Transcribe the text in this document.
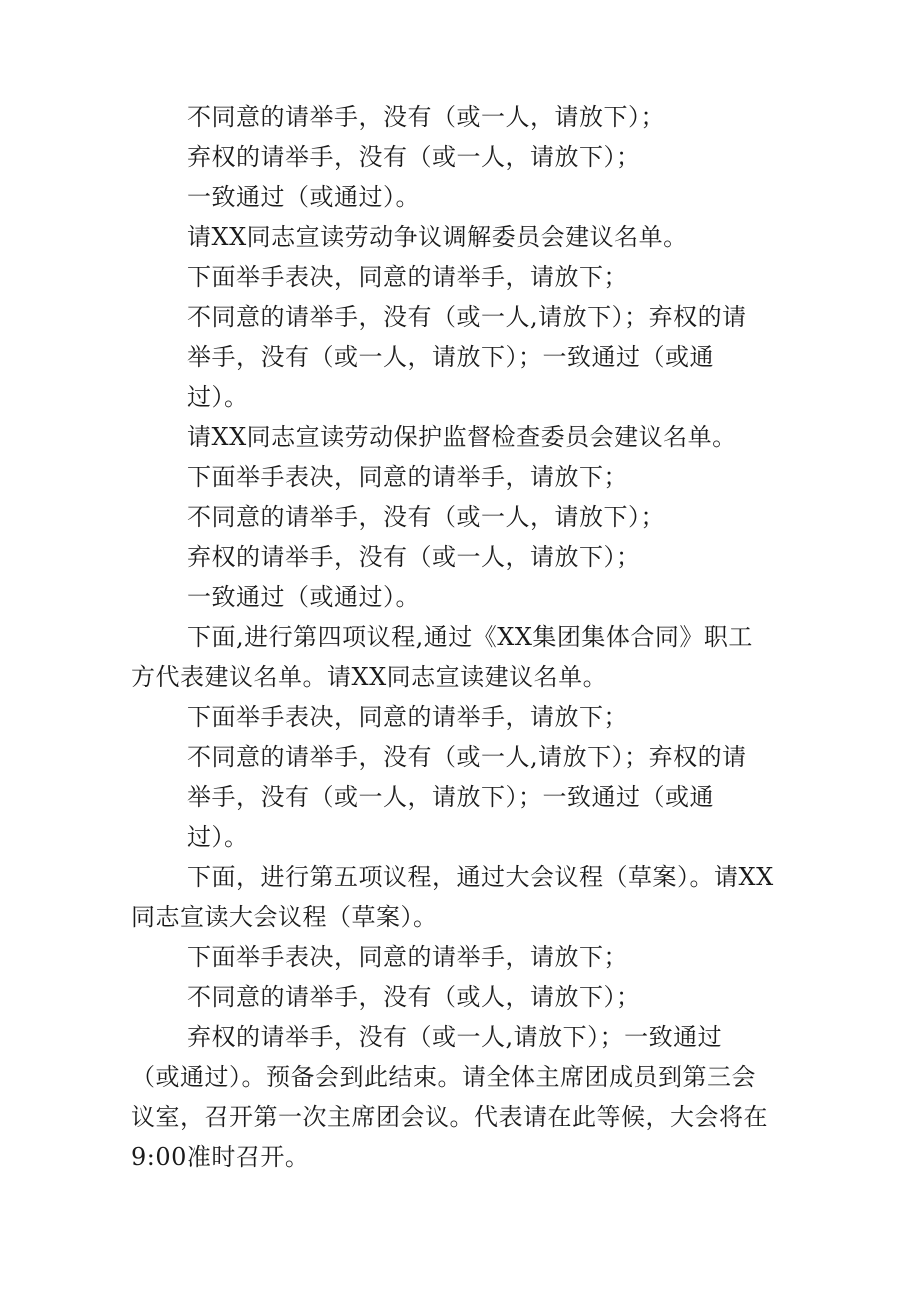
不同意的请举手，没有（或一人，请放下）；
弃权的请举手，没有（或一人，请放下）；
一致通过（或通过）。
请XX同志宣读劳动争议调解委员会建议名单。
下面举手表决，同意的请举手，请放下；
不同意的请举手，没有（或一人,请放下）；弃权的请
举手，没有（或一人，请放下）；一致通过（或通
过）。
请XX同志宣读劳动保护监督检查委员会建议名单。
下面举手表决，同意的请举手，请放下；
不同意的请举手，没有（或一人，请放下）；
弃权的请举手，没有（或一人，请放下）；
一致通过（或通过）。
下面,进行第四项议程,通过《XX集团集体合同》职工
方代表建议名单。请XX同志宣读建议名单。
下面举手表决，同意的请举手，请放下；
不同意的请举手，没有（或一人,请放下）；弃权的请
举手，没有（或一人，请放下）；一致通过（或通
过）。
下面，进行第五项议程，通过大会议程（草案）。请XX
同志宣读大会议程（草案）。
下面举手表决，同意的请举手，请放下；
不同意的请举手，没有（或人，请放下）；
弃权的请举手，没有（或一人,请放下）；一致通过
（或通过）。预备会到此结束。请全体主席团成员到第三会
议室，召开第一次主席团会议。代表请在此等候，大会将在
9:00准时召开。
